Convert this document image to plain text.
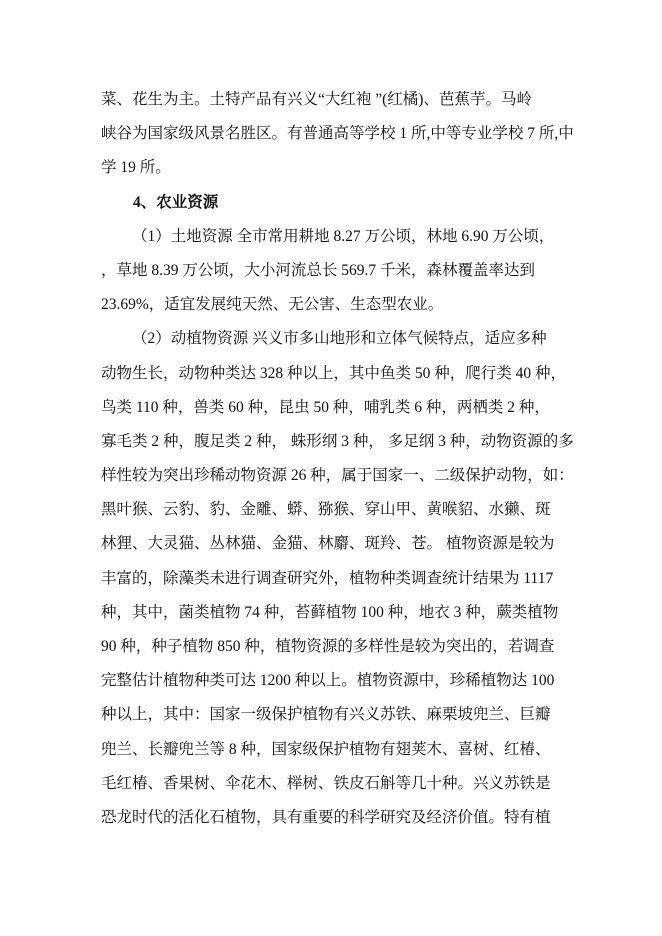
菜、花生为主。土特产品有兴义“大红袍 ”(红橘)、芭蕉芋。马岭
峡谷为国家级风景名胜区。有普通高等学校 1 所,中等专业学校 7 所,中
学 19 所。
4、农业资源
（1）土地资源 全市常用耕地 8.27 万公顷，林地 6.90 万公顷，
，草地 8.39 万公顷，大小河流总长 569.7 千米，森林覆盖率达到
23.69%，适宜发展纯天然、无公害、生态型农业。
（2）动植物资源 兴义市多山地形和立体气候特点，适应多种
动物生长，动物种类达 328 种以上，其中鱼类 50 种，爬行类 40 种，
鸟类 110 种，兽类 60 种，昆虫 50 种，哺乳类 6 种，两栖类 2 种，
寡毛类 2 种，腹足类 2 种， 蛛形纲 3 种， 多足纲 3 种，动物资源的多
样性较为突出珍稀动物资源 26 种，属于国家一、二级保护动物，如：
黑叶猴、云豹、豹、金雕、蟒、猕猴、穿山甲、黄喉貂、水獭、斑
林狸、大灵猫、丛林猫、金猫、林麝、斑羚、苍。 植物资源是较为
丰富的，除藻类未进行调查研究外，植物种类调查统计结果为 1117
种，其中，菌类植物 74 种，苔藓植物 100 种，地衣 3 种，蕨类植物
90 种，种子植物 850 种，植物资源的多样性是较为突出的，若调查
完整估计植物种类可达 1200 种以上。植物资源中，珍稀植物达 100
种以上，其中：国家一级保护植物有兴义苏铁、麻栗坡兜兰、巨瓣
兜兰、长瓣兜兰等 8 种，国家级保护植物有翅荚木、喜树、红椿、
毛红椿、香果树、伞花木、榉树、铁皮石斛等几十种。兴义苏铁是
恐龙时代的活化石植物，具有重要的科学研究及经济价值。特有植
